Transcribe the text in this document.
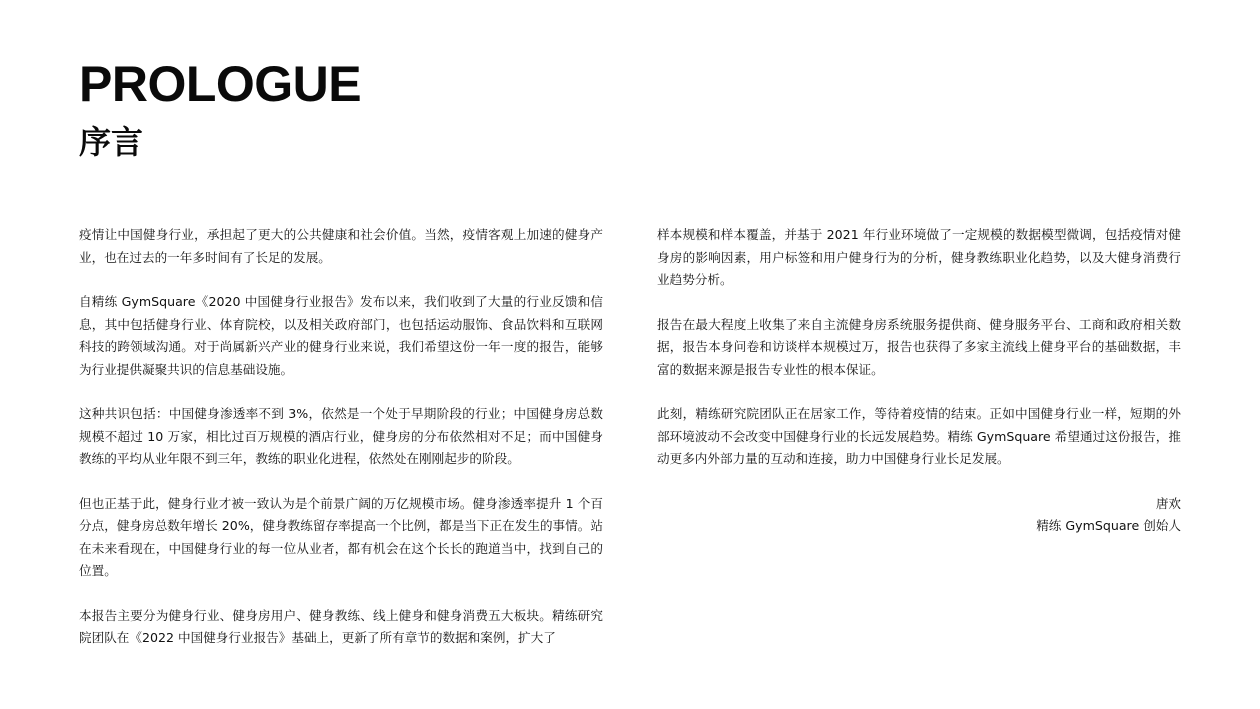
PROLOGUE
序言

疫情让中国健身行业，承担起了更大的公共健康和社会价值。当然，疫情客观上加速的健身产业，也在过去的一年多时间有了长足的发展。

自精练 GymSquare《2020 中国健身行业报告》发布以来，我们收到了大量的行业反馈和信息，其中包括健身行业、体育院校，以及相关政府部门，也包括运动服饰、食品饮料和互联网科技的跨领域沟通。对于尚属新兴产业的健身行业来说，我们希望这份一年一度的报告，能够为行业提供凝聚共识的信息基础设施。

这种共识包括：中国健身渗透率不到 3%，依然是一个处于早期阶段的行业；中国健身房总数规模不超过 10 万家，相比过百万规模的酒店行业，健身房的分布依然相对不足；而中国健身教练的平均从业年限不到三年，教练的职业化进程，依然处在刚刚起步的阶段。

但也正基于此，健身行业才被一致认为是个前景广阔的万亿规模市场。健身渗透率提升 1 个百分点，健身房总数年增长 20%，健身教练留存率提高一个比例，都是当下正在发生的事情。站在未来看现在，中国健身行业的每一位从业者，都有机会在这个长长的跑道当中，找到自己的位置。

本报告主要分为健身行业、健身房用户、健身教练、线上健身和健身消费五大板块。精练研究院团队在《2022 中国健身行业报告》基础上，更新了所有章节的数据和案例，扩大了

样本规模和样本覆盖，并基于 2021 年行业环境做了一定规模的数据模型微调，包括疫情对健身房的影响因素，用户标签和用户健身行为的分析，健身教练职业化趋势，以及大健身消费行业趋势分析。

报告在最大程度上收集了来自主流健身房系统服务提供商、健身服务平台、工商和政府相关数据，报告本身问卷和访谈样本规模过万，报告也获得了多家主流线上健身平台的基础数据，丰富的数据来源是报告专业性的根本保证。

此刻，精练研究院团队正在居家工作，等待着疫情的结束。正如中国健身行业一样，短期的外部环境波动不会改变中国健身行业的长远发展趋势。精练 GymSquare 希望通过这份报告，推动更多内外部力量的互动和连接，助力中国健身行业长足发展。

唐欢
精练 GymSquare 创始人
